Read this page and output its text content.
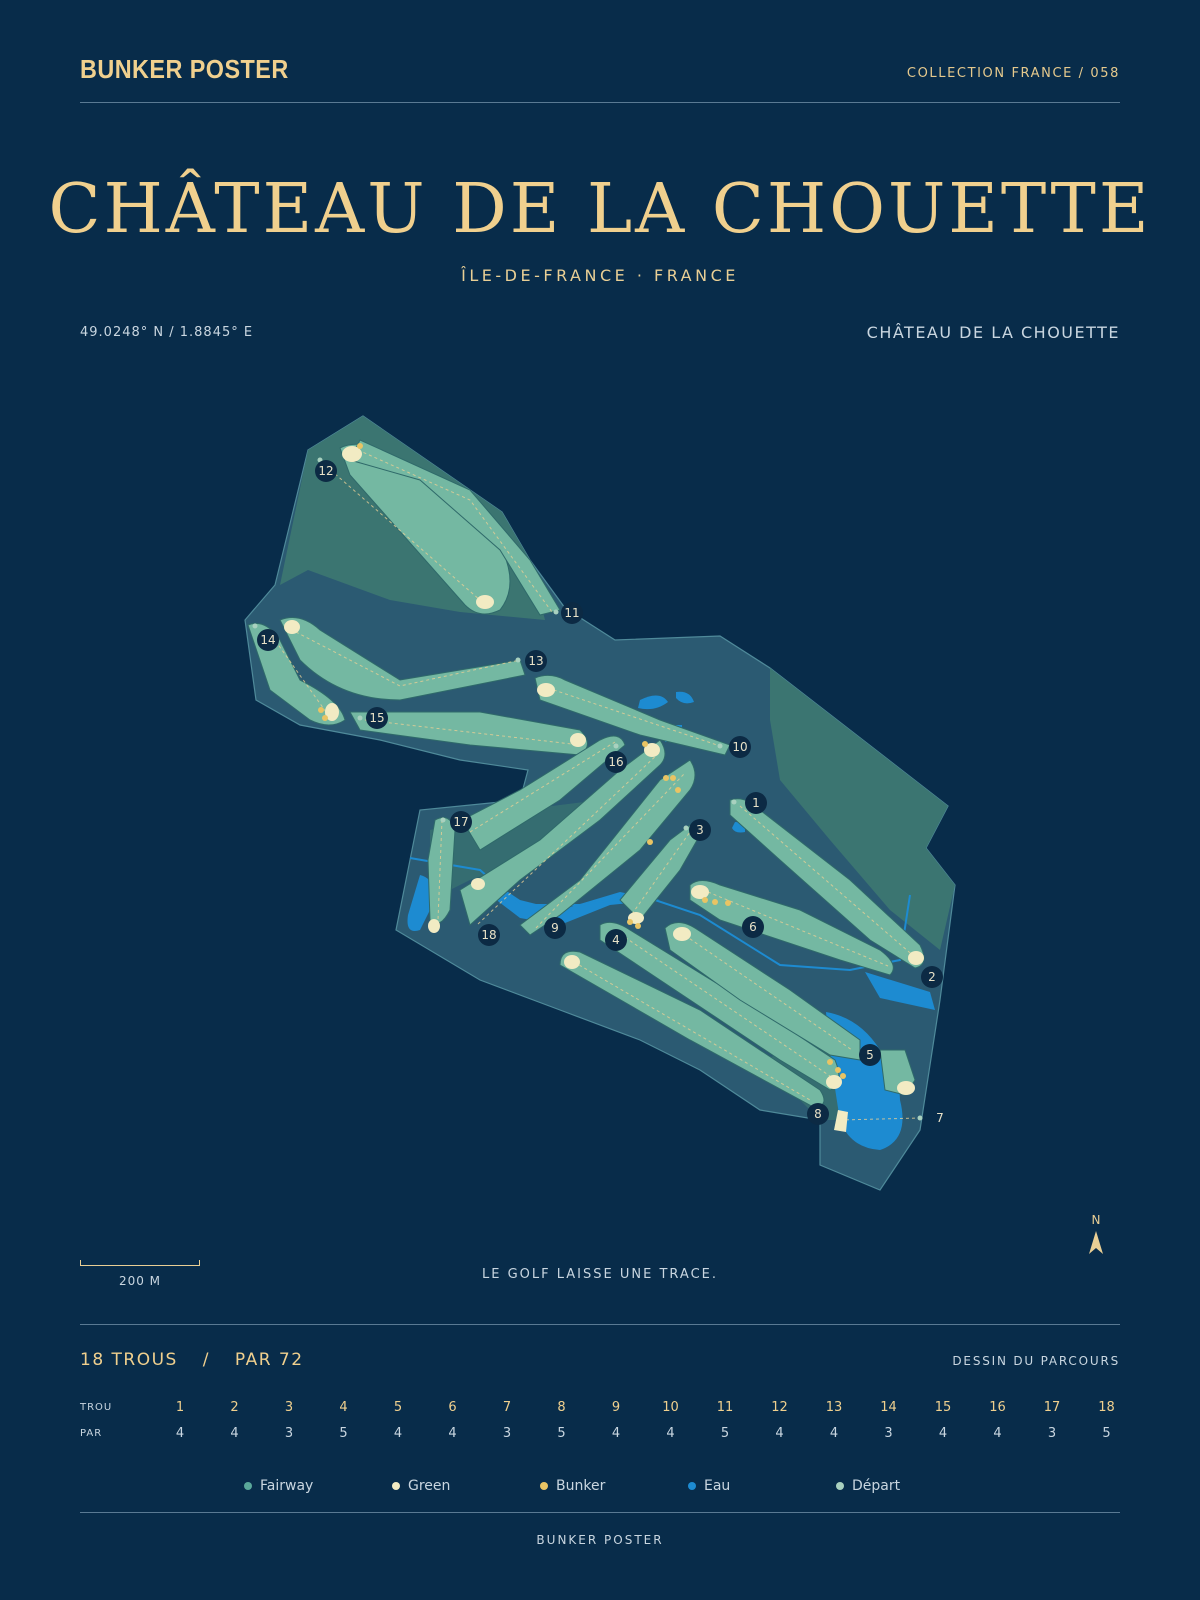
BUNKER POSTER	COLLECTION FRANCE / 058
CHÂTEAU DE LA CHOUETTE
ÎLE-DE-FRANCE · FRANCE
49.0248° N / 1.8845° E	CHÂTEAU DE LA CHOUETTE
1
2
3
4
5
6
7
8
9
10
11
12
13
14
15
16
17
18
200 M	LE GOLF LAISSE UNE TRACE.
N
18 TROUS / PAR 72	DESSIN DU PARCOURS
TROU	1	2	3	4	5	6	7	8	9	10	11	12	13	14	15	16	17	18
PAR	4	4	3	5	4	4	3	5	4	4	5	4	4	3	4	4	3	5
Fairway	Green	Bunker	Eau	Départ
BUNKER POSTER
